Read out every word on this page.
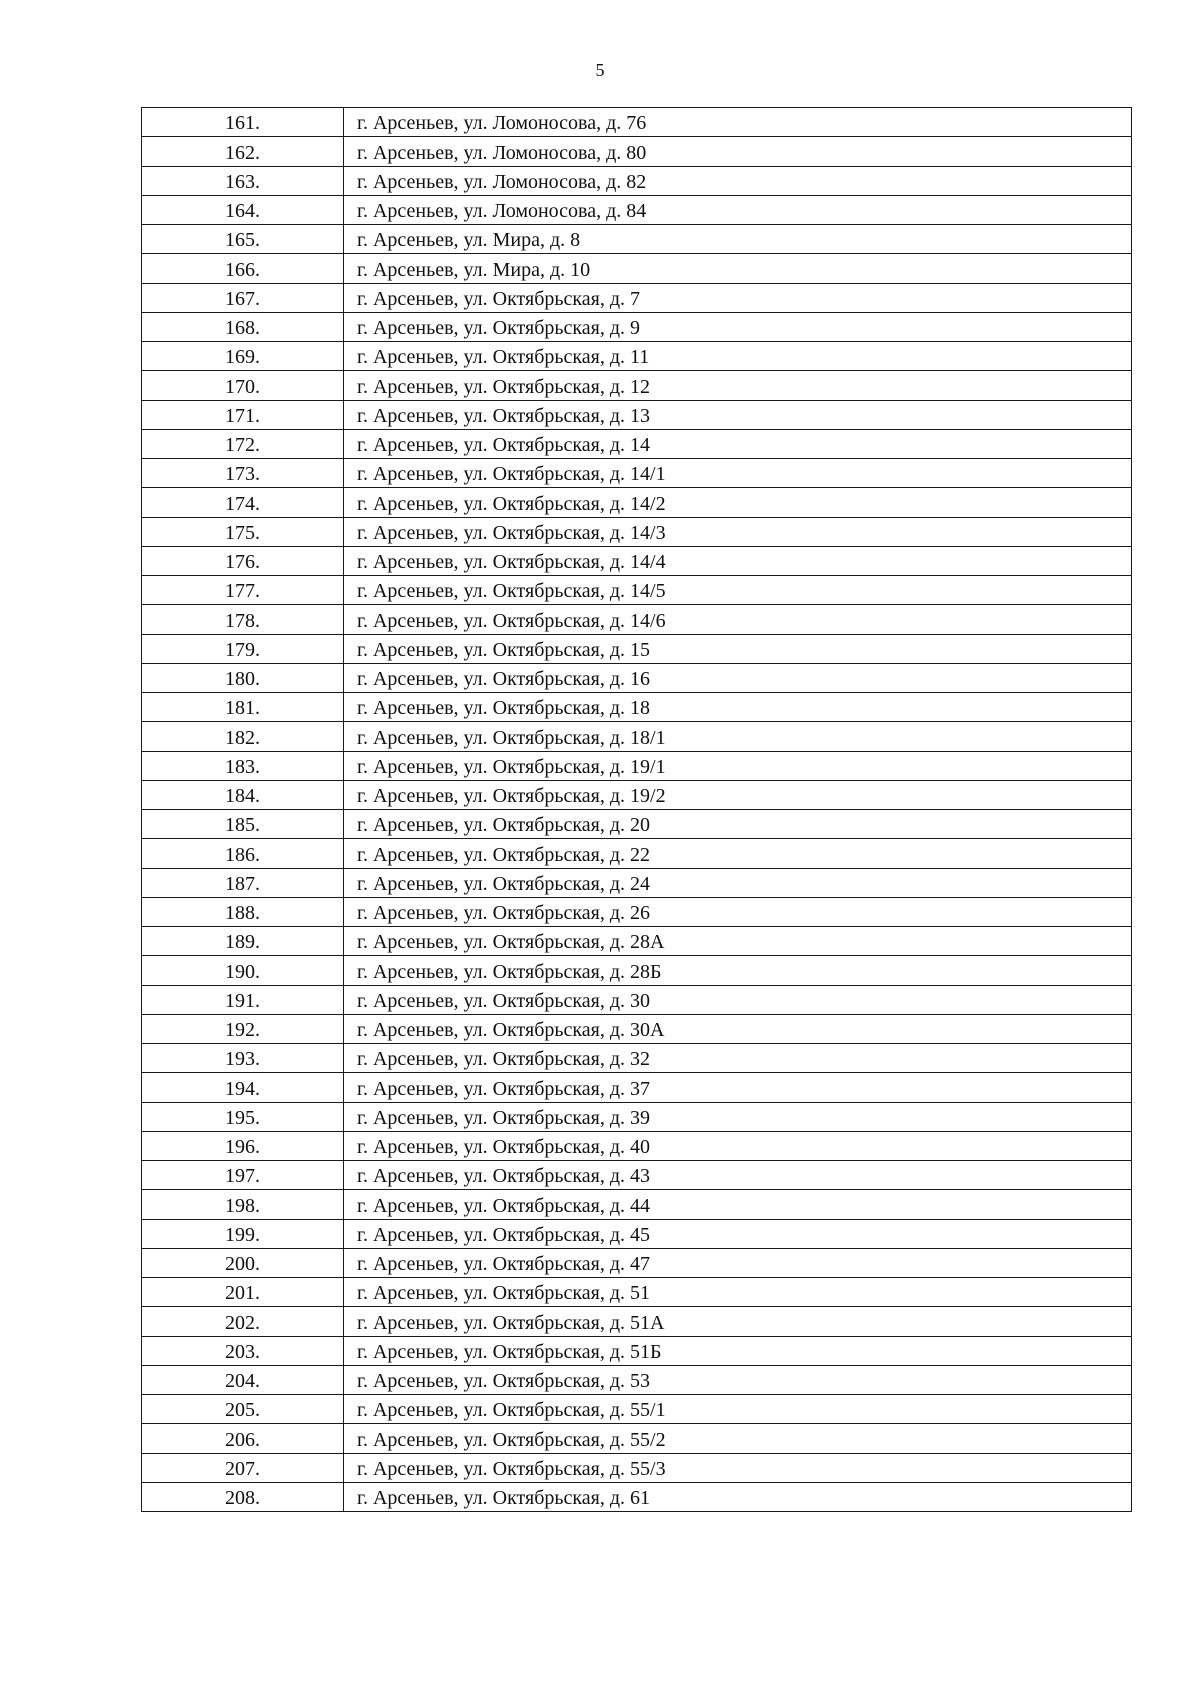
5
161.	г. Арсеньев, ул. Ломоносова, д. 76
162.	г. Арсеньев, ул. Ломоносова, д. 80
163.	г. Арсеньев, ул. Ломоносова, д. 82
164.	г. Арсеньев, ул. Ломоносова, д. 84
165.	г. Арсеньев, ул. Мира, д. 8
166.	г. Арсеньев, ул. Мира, д. 10
167.	г. Арсеньев, ул. Октябрьская, д. 7
168.	г. Арсеньев, ул. Октябрьская, д. 9
169.	г. Арсеньев, ул. Октябрьская, д. 11
170.	г. Арсеньев, ул. Октябрьская, д. 12
171.	г. Арсеньев, ул. Октябрьская, д. 13
172.	г. Арсеньев, ул. Октябрьская, д. 14
173.	г. Арсеньев, ул. Октябрьская, д. 14/1
174.	г. Арсеньев, ул. Октябрьская, д. 14/2
175.	г. Арсеньев, ул. Октябрьская, д. 14/3
176.	г. Арсеньев, ул. Октябрьская, д. 14/4
177.	г. Арсеньев, ул. Октябрьская, д. 14/5
178.	г. Арсеньев, ул. Октябрьская, д. 14/6
179.	г. Арсеньев, ул. Октябрьская, д. 15
180.	г. Арсеньев, ул. Октябрьская, д. 16
181.	г. Арсеньев, ул. Октябрьская, д. 18
182.	г. Арсеньев, ул. Октябрьская, д. 18/1
183.	г. Арсеньев, ул. Октябрьская, д. 19/1
184.	г. Арсеньев, ул. Октябрьская, д. 19/2
185.	г. Арсеньев, ул. Октябрьская, д. 20
186.	г. Арсеньев, ул. Октябрьская, д. 22
187.	г. Арсеньев, ул. Октябрьская, д. 24
188.	г. Арсеньев, ул. Октябрьская, д. 26
189.	г. Арсеньев, ул. Октябрьская, д. 28А
190.	г. Арсеньев, ул. Октябрьская, д. 28Б
191.	г. Арсеньев, ул. Октябрьская, д. 30
192.	г. Арсеньев, ул. Октябрьская, д. 30А
193.	г. Арсеньев, ул. Октябрьская, д. 32
194.	г. Арсеньев, ул. Октябрьская, д. 37
195.	г. Арсеньев, ул. Октябрьская, д. 39
196.	г. Арсеньев, ул. Октябрьская, д. 40
197.	г. Арсеньев, ул. Октябрьская, д. 43
198.	г. Арсеньев, ул. Октябрьская, д. 44
199.	г. Арсеньев, ул. Октябрьская, д. 45
200.	г. Арсеньев, ул. Октябрьская, д. 47
201.	г. Арсеньев, ул. Октябрьская, д. 51
202.	г. Арсеньев, ул. Октябрьская, д. 51А
203.	г. Арсеньев, ул. Октябрьская, д. 51Б
204.	г. Арсеньев, ул. Октябрьская, д. 53
205.	г. Арсеньев, ул. Октябрьская, д. 55/1
206.	г. Арсеньев, ул. Октябрьская, д. 55/2
207.	г. Арсеньев, ул. Октябрьская, д. 55/3
208.	г. Арсеньев, ул. Октябрьская, д. 61
